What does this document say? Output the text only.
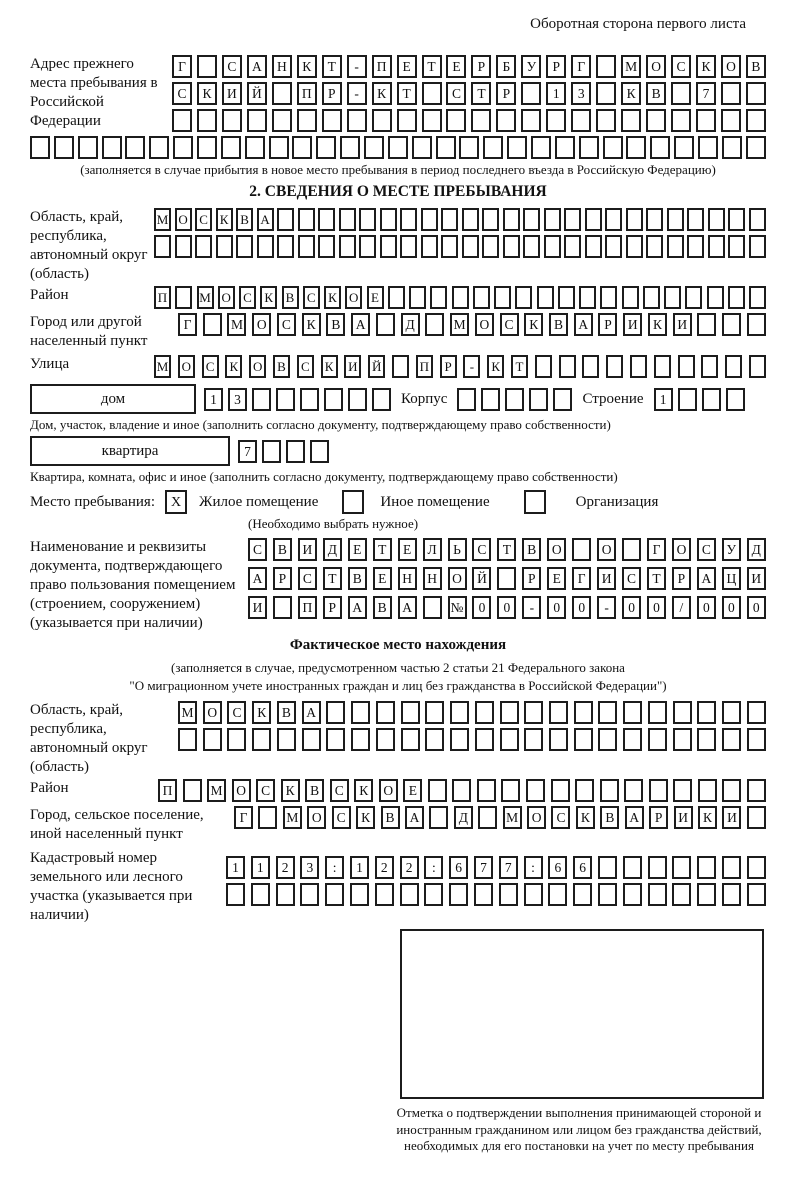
Оборотная сторона первого листа
Адрес прежнего места пребывания в Российской Федерации
Г	С	А	Н	К	Т	-	П	Е	Т	Е	Р	Б	У	Р	Г	М	О	С	К	О	В
С	К	И	Й	П	Р	-	К	Т	С	Т	Р	1	3	К	В	7
(заполняется в случае прибытия в новое место пребывания в период последнего въезда в Российскую Федерацию)
2. СВЕДЕНИЯ О МЕСТЕ ПРЕБЫВАНИЯ
Область, край, республика, автономный округ (область)
М О С К В А
Район	П М О С К В С К О Е
Город или другой населенный пункт
Г	М	О	С	К	В	А	Д	М	О	С	К	В	А	Р	И	К	И
Улица	М О	С	К	О	В	С	К	И Й	П	Р	-	К	Т
дом	1	3	Корпус	Строение	1
Дом, участок, владение и иное (заполнить согласно документу, подтверждающему право собственности)
квартира	7
Квартира, комната, офис и иное (заполнить согласно документу, подтверждающему право собственности)
Место пребывания:	X	Жилое помещение	Иное помещение	Организация
(Необходимо выбрать нужное)
Наименование и реквизиты документа, подтверждающего право пользования помещением (строением, сооружением) (указывается при наличии)
С	В	И	Д	Е	Т	Е	Л	Ь	С	Т	В	О	О	Г	О	С	У	Д
А	Р	С	Т	В	Е	Н	Н	О	Й	Р	Е	Г	И	С	Т	Р	А	Ц	И
И	П	Р	А	В	А	№	0	0	-	0	0	-	0	0	/	0	0	0
Фактическое место нахождения
(заполняется в случае, предусмотренном частью 2 статьи 21 Федерального закона
"О миграционном учете иностранных граждан и лиц без гражданства в Российской Федерации")
Область, край, республика, автономный округ (область)
М	О	С	К	В	А
Район	П	М	О	С	К	В	С	К	О	Е
Город, сельское поселение, иной населенный пункт
Г	М	О	С	К	В	А	Д	М	О	С	К	В	А	Р	И	К	И
Кадастровый номер земельного или лесного участка (указывается при наличии)
1	1	2	3	:	1	2	2	:	6	7	7	:	6	6
Отметка о подтверждении выполнения принимающей стороной и иностранным гражданином или лицом без гражданства действий, необходимых для его постановки на учет по месту пребывания
